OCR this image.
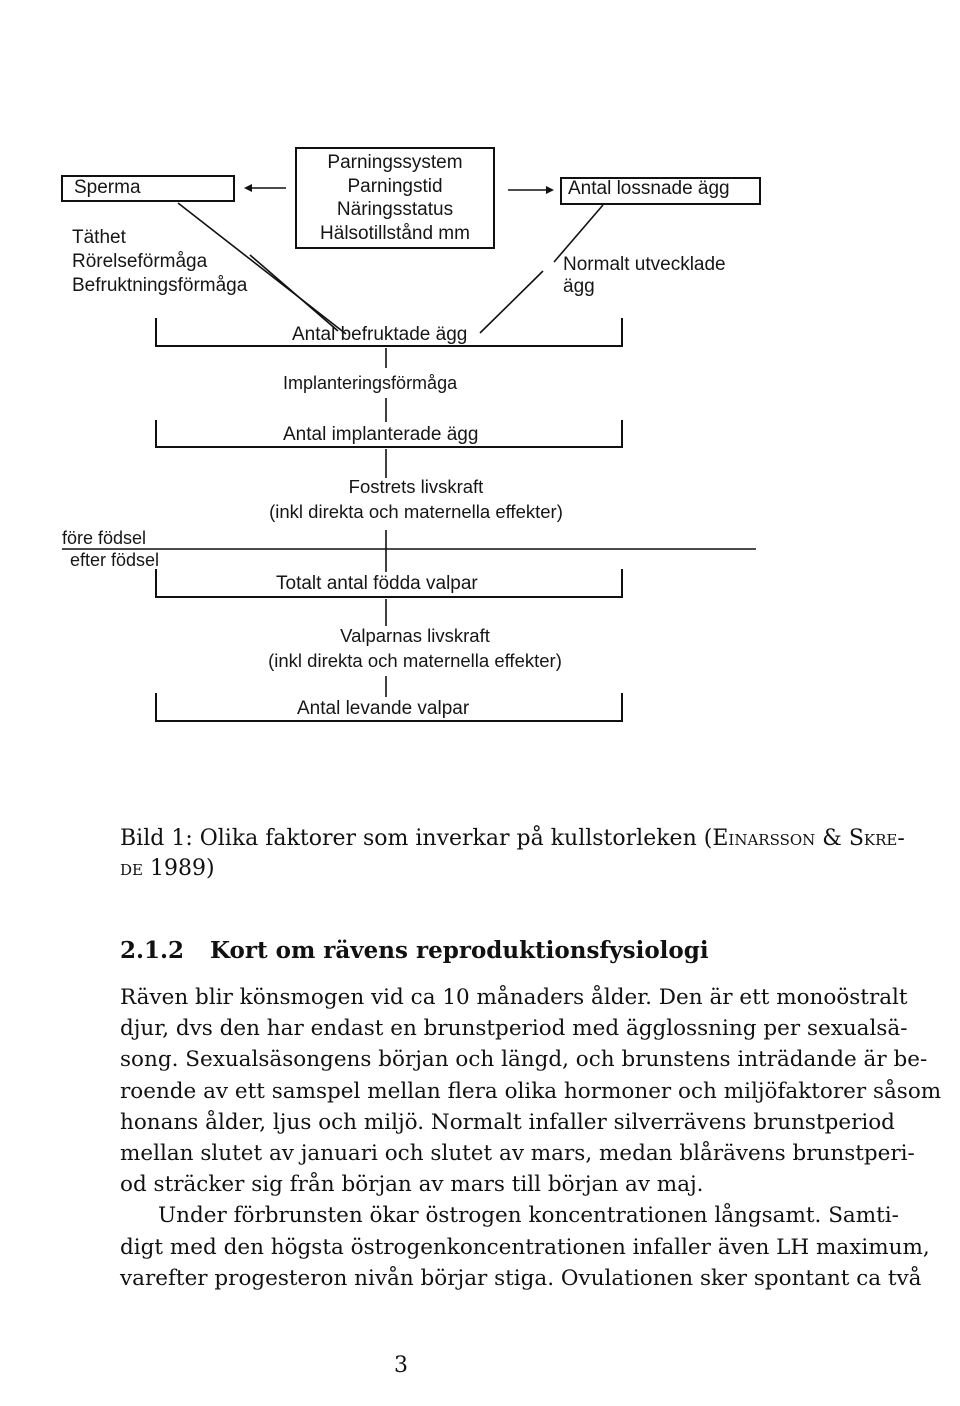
Sperma
Täthet
Rörelseförmåga
Befruktningsförmåga
Parningssystem
Parningstid
Näringsstatus
Hälsotillstånd mm
Antal lossnade ägg
Normalt utvecklade
ägg
Antal befruktade ägg
Implanteringsförmåga
Antal implanterade ägg
Fostrets livskraft
(inkl direkta och maternella effekter)
före födsel
efter födsel
Totalt antal födda valpar
Valparnas livskraft
(inkl direkta och maternella effekter)
Antal levande valpar
Bild 1: Olika faktorer som inverkar på kullstorleken (Einarsson & Skre-
de 1989)
2.1.2 Kort om rävens reproduktionsfysiologi
Räven blir könsmogen vid ca 10 månaders ålder. Den är ett monoöstralt
djur, dvs den har endast en brunstperiod med ägglossning per sexualsä-
song. Sexualsäsongens början och längd, och brunstens inträdande är be-
roende av ett samspel mellan flera olika hormoner och miljöfaktorer såsom
honans ålder, ljus och miljö. Normalt infaller silverrävens brunstperiod
mellan slutet av januari och slutet av mars, medan blårävens brunstperi-
od sträcker sig från början av mars till början av maj.
Under förbrunsten ökar östrogen koncentrationen långsamt. Samti-
digt med den högsta östrogenkoncentrationen infaller även LH maximum,
varefter progesteron nivån börjar stiga. Ovulationen sker spontant ca två
3
